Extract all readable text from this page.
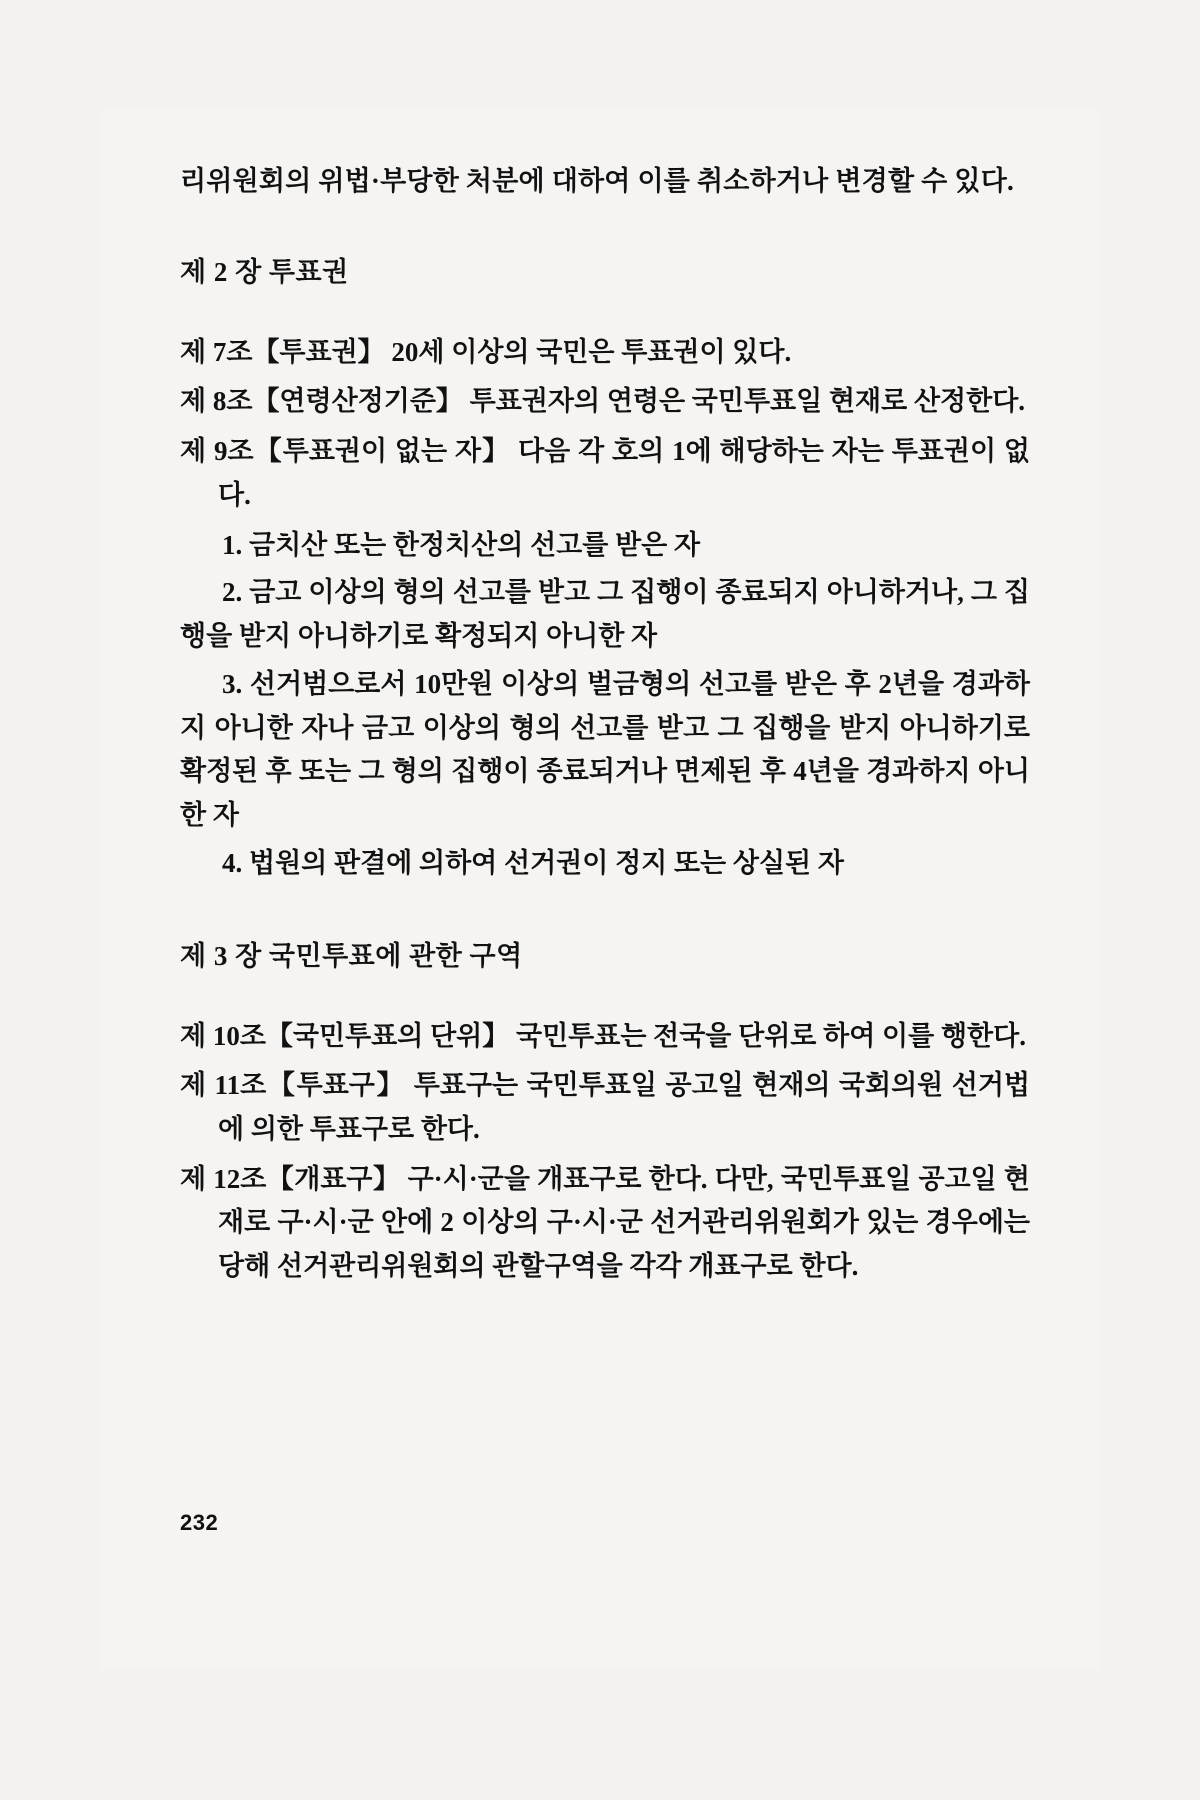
리위원회의 위법·부당한 처분에 대하여 이를 취소하거나 변경할 수 있다.

제 2 장 투표권

제 7조【투표권】 20세 이상의 국민은 투표권이 있다.

제 8조【연령산정기준】 투표권자의 연령은 국민투표일 현재로 산정한다.

제 9조【투표권이 없는 자】 다음 각 호의 1에 해당하는 자는 투표권이 없다.

1. 금치산 또는 한정치산의 선고를 받은 자

2. 금고 이상의 형의 선고를 받고 그 집행이 종료되지 아니하거나, 그 집행을 받지 아니하기로 확정되지 아니한 자

3. 선거범으로서 10만원 이상의 벌금형의 선고를 받은 후 2년을 경과하지 아니한 자나 금고 이상의 형의 선고를 받고 그 집행을 받지 아니하기로 확정된 후 또는 그 형의 집행이 종료되거나 면제된 후 4년을 경과하지 아니한 자

4. 법원의 판결에 의하여 선거권이 정지 또는 상실된 자

제 3 장 국민투표에 관한 구역

제 10조【국민투표의 단위】 국민투표는 전국을 단위로 하여 이를 행한다.

제 11조【투표구】 투표구는 국민투표일 공고일 현재의 국회의원 선거법에 의한 투표구로 한다.

제 12조【개표구】 구·시·군을 개표구로 한다. 다만, 국민투표일 공고일 현재로 구·시·군 안에 2 이상의 구·시·군 선거관리위원회가 있는 경우에는 당해 선거관리위원회의 관할구역을 각각 개표구로 한다.

232
